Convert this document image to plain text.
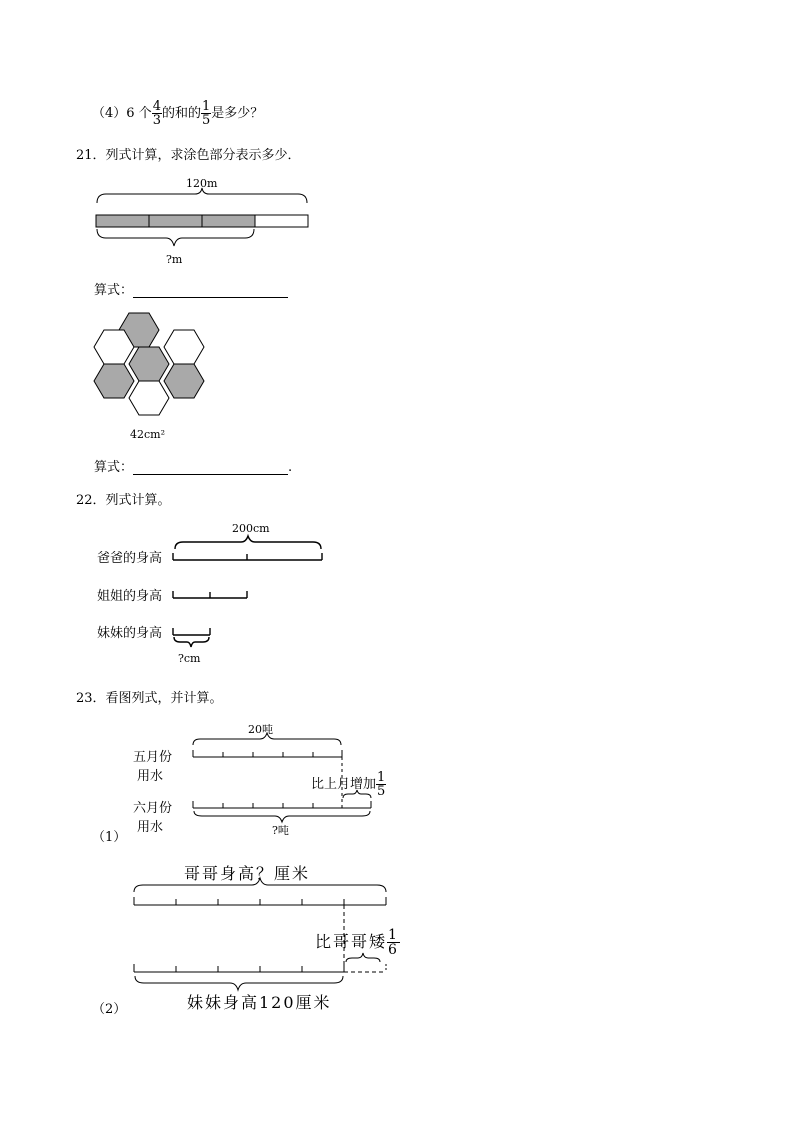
（4）6 个 $\frac{4}{3}$ 的和的 $\frac{1}{5}$ 是多少？
21．列式计算，求涂色部分表示多少．
120m
?m
算式：
42cm²
算式：	.
22．列式计算。
200cm
爸爸的身高
姐姐的身高
妹妹的身高
?cm
23．看图列式，并计算。
20吨
五月份
用水
六月份
用水
比上月增加 $\frac{1}{5}$
?吨
（1）
哥哥身高？厘米
比哥哥矮 $\frac{1}{6}$
妹妹身高120厘米
（2）
